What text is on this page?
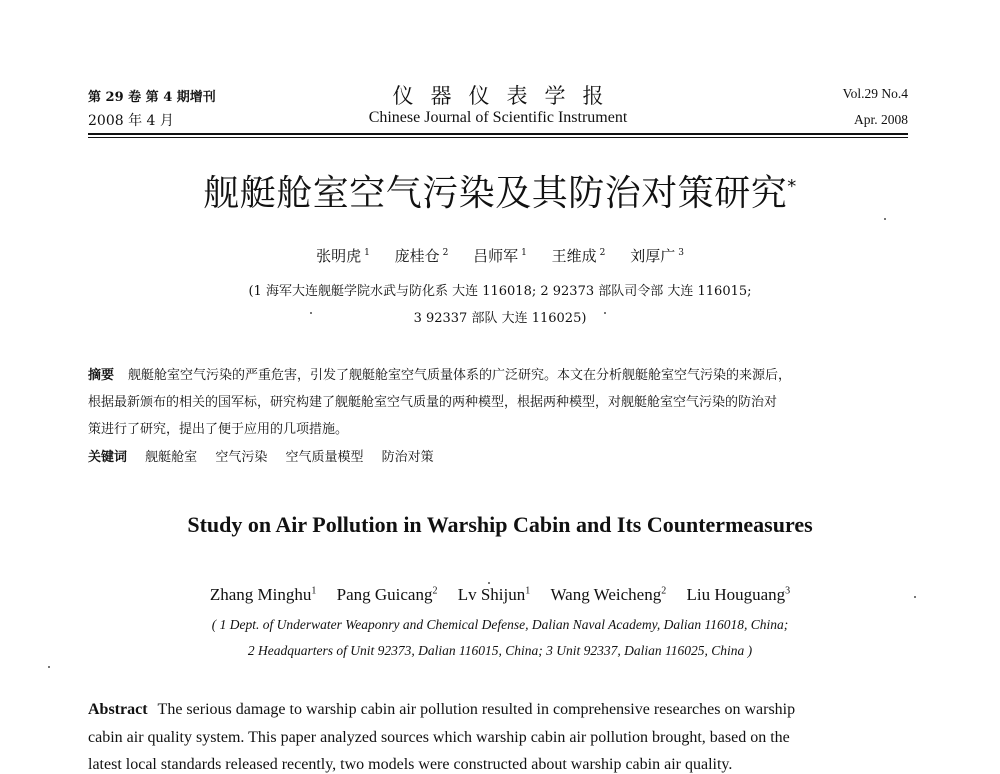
第 29 卷 第 4 期增刊	仪器仪表学报	Vol.29 No.4
2008 年 4 月	Chinese Journal of Scientific Instrument	Apr. 2008
舰艇舱室空气污染及其防治对策研究*
张明虎 $^1$ 庞桂仓 $^2$ 吕师军 $^1$ 王维成 $^2$ 刘厚广 $^3$
(1 海军大连舰艇学院水武与防化系 大连 116018; 2 92373 部队司令部 大连 116015;
3 92337 部队 大连 116025)
摘要 舰艇舱室空气污染的严重危害，引发了舰艇舱室空气质量体系的广泛研究。本文在分析舰艇舱室空气污染的来源后，
根据最新颁布的相关的国军标，研究构建了舰艇舱室空气质量的两种模型，根据两种模型，对舰艇舱室空气污染的防治对
策进行了研究，提出了便于应用的几项措施。
关键词 舰艇舱室 空气污染 空气质量模型 防治对策
Study on Air Pollution in Warship Cabin and Its Countermeasures
Zhang Minghu$^1$ Pang Guicang$^2$ Lv Shijun$^1$ Wang Weicheng$^2$ Liu Houguang$^3$
( 1 Dept. of Underwater Weaponry and Chemical Defense, Dalian Naval Academy, Dalian 116018, China;
2 Headquarters of Unit 92373, Dalian 116015, China; 3 Unit 92337, Dalian 116025, China )
Abstract The serious damage to warship cabin air pollution resulted in comprehensive researches on warship
cabin air quality system. This paper analyzed sources which warship cabin air pollution brought, based on the
latest local standards released recently, two models were constructed about warship cabin air quality.
